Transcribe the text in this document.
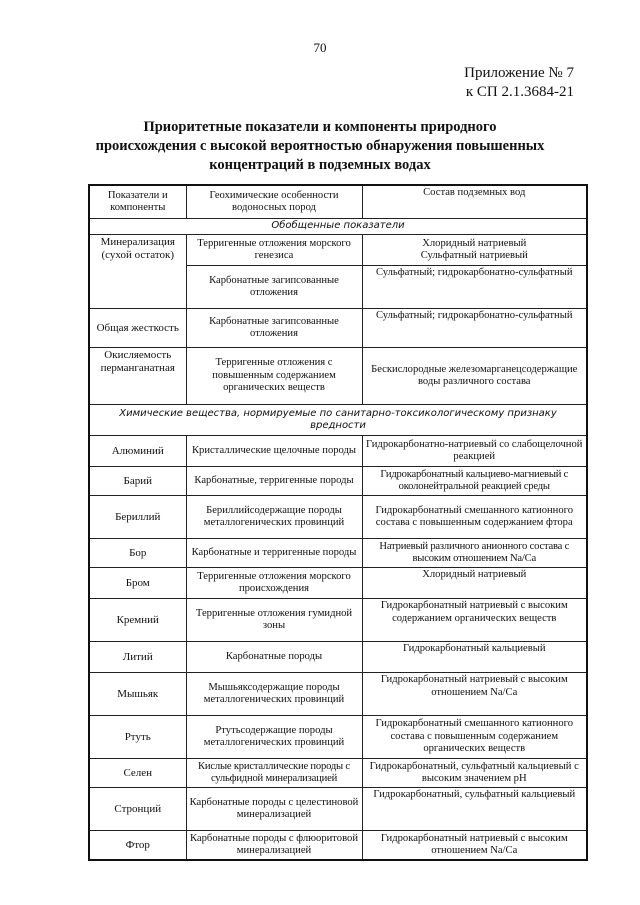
70
Приложение № 7
к СП 2.1.3684-21
Приоритетные показатели и компоненты природного
происхождения с высокой вероятностью обнаружения повышенных
концентраций в подземных водах
Показатели и компоненты	Геохимические особенности водоносных пород	Состав подземных вод
Обобщенные показатели		
Минерализация (сухой остаток)	Терригенные отложения морского генезиса	Хлоридный натриевый
Сульфатный натриевый

	Карбонатные загипсованные отложения	Сульфатный; гидрокарбонатно-сульфатный
Общая жесткость	Карбонатные загипсованные отложения	Сульфатный; гидрокарбонатно-сульфатный
Окисляемость перманганатная	Терригенные отложения с повышенным содержанием органических веществ	Бескислородные железомарганецсодержащие воды различного состава
Химические вещества, нормируемые по санитарно-токсикологическому признаку вредности		
Алюминий	Кристаллические щелочные породы	Гидрокарбонатно-натриевый со слабощелочной реакцией
Барий	Карбонатные, терригенные породы	Гидрокарбонатный кальциево-магниевый с околонейтральной реакцией среды
Бериллий	Бериллийсодержащие породы металлогенических провинций	Гидрокарбонатный смешанного катионного состава с повышенным содержанием фтора
Бор	Карбонатные и терригенные породы	Натриевый различного анионного состава с высоким отношением Na/Ca
Бром	Терригенные отложения морского происхождения	Хлоридный натриевый
Кремний	Терригенные отложения гумидной зоны	Гидрокарбонатный натриевый с высоким содержанием органических веществ
Литий	Карбонатные породы	Гидрокарбонатный кальциевый
Мышьяк	Мышьяксодержащие породы металлогенических провинций	Гидрокарбонатный натриевый с высоким отношением Na/Ca
Ртуть	Ртутьсодержащие породы металлогенических провинций	Гидрокарбонатный смешанного катионного состава с повышенным содержанием органических веществ
Селен	Кислые кристаллические породы с сульфидной минерализацией	Гидрокарбонатный, сульфатный кальциевый с высоким значением pH
Стронций	Карбонатные породы с целестиновой минерализацией	Гидрокарбонатный, сульфатный кальциевый
Фтор	Карбонатные породы с флюоритовой минерализацией	Гидрокарбонатный натриевый с высоким отношением Na/Ca
